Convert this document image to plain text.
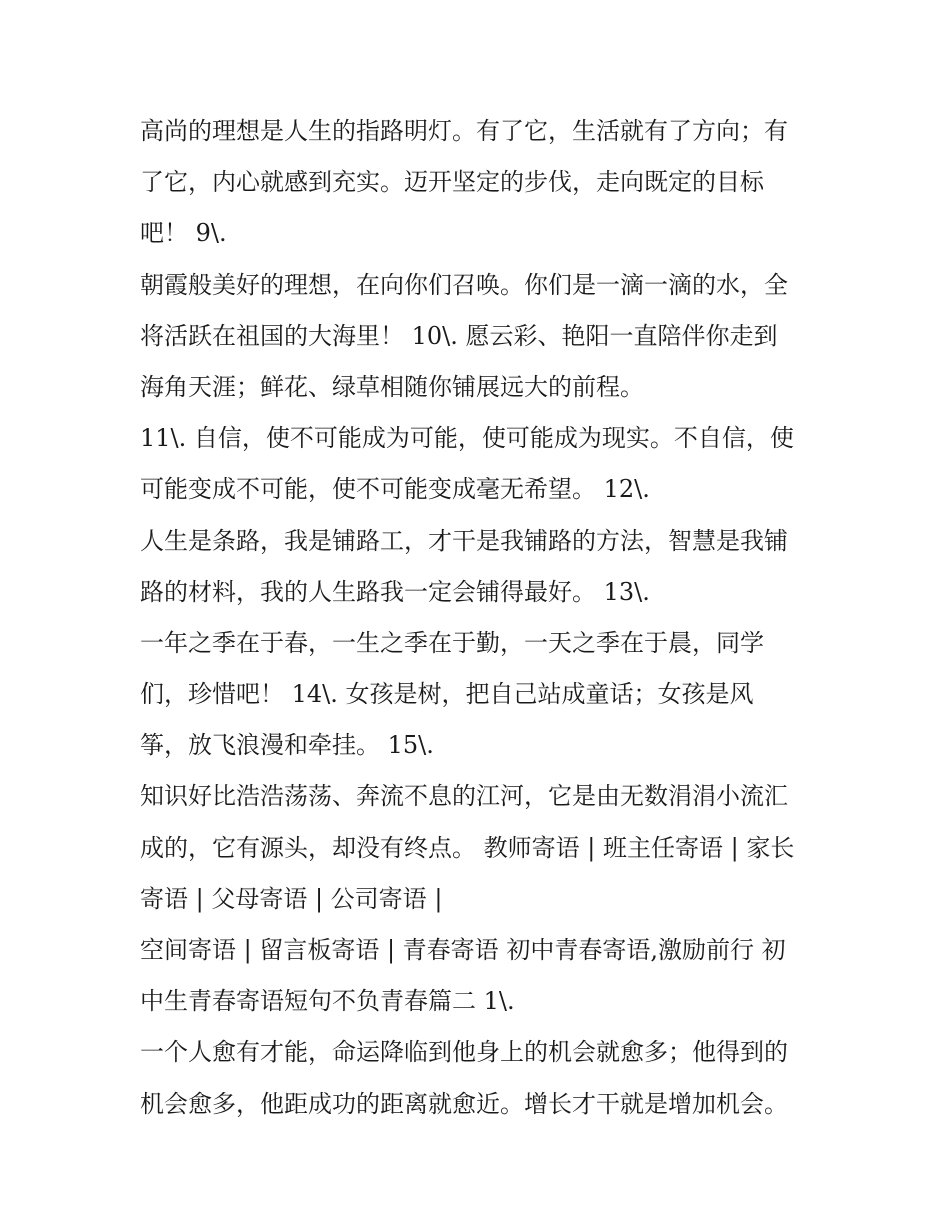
高尚的理想是人生的指路明灯。有了它，生活就有了方向；有
了它，内心就感到充实。迈开坚定的步伐，走向既定的目标
吧！ 9\.
朝霞般美好的理想，在向你们召唤。你们是一滴一滴的水，全
将活跃在祖国的大海里！ 10\. 愿云彩、艳阳一直陪伴你走到
海角天涯；鲜花、绿草相随你铺展远大的前程。
11\. 自信，使不可能成为可能，使可能成为现实。不自信，使
可能变成不可能，使不可能变成毫无希望。 12\.
人生是条路，我是铺路工，才干是我铺路的方法，智慧是我铺
路的材料，我的人生路我一定会铺得最好。 13\.
一年之季在于春，一生之季在于勤，一天之季在于晨，同学
们，珍惜吧！ 14\. 女孩是树，把自己站成童话；女孩是风
筝，放飞浪漫和牵挂。 15\.
知识好比浩浩荡荡、奔流不息的江河，它是由无数涓涓小流汇
成的，它有源头，却没有终点。 教师寄语 | 班主任寄语 | 家长
寄语 | 父母寄语 | 公司寄语 |
空间寄语 | 留言板寄语 | 青春寄语 初中青春寄语,激励前行 初
中生青春寄语短句不负青春篇二 1\.
一个人愈有才能，命运降临到他身上的机会就愈多；他得到的
机会愈多，他距成功的距离就愈近。增长才干就是增加机会。
